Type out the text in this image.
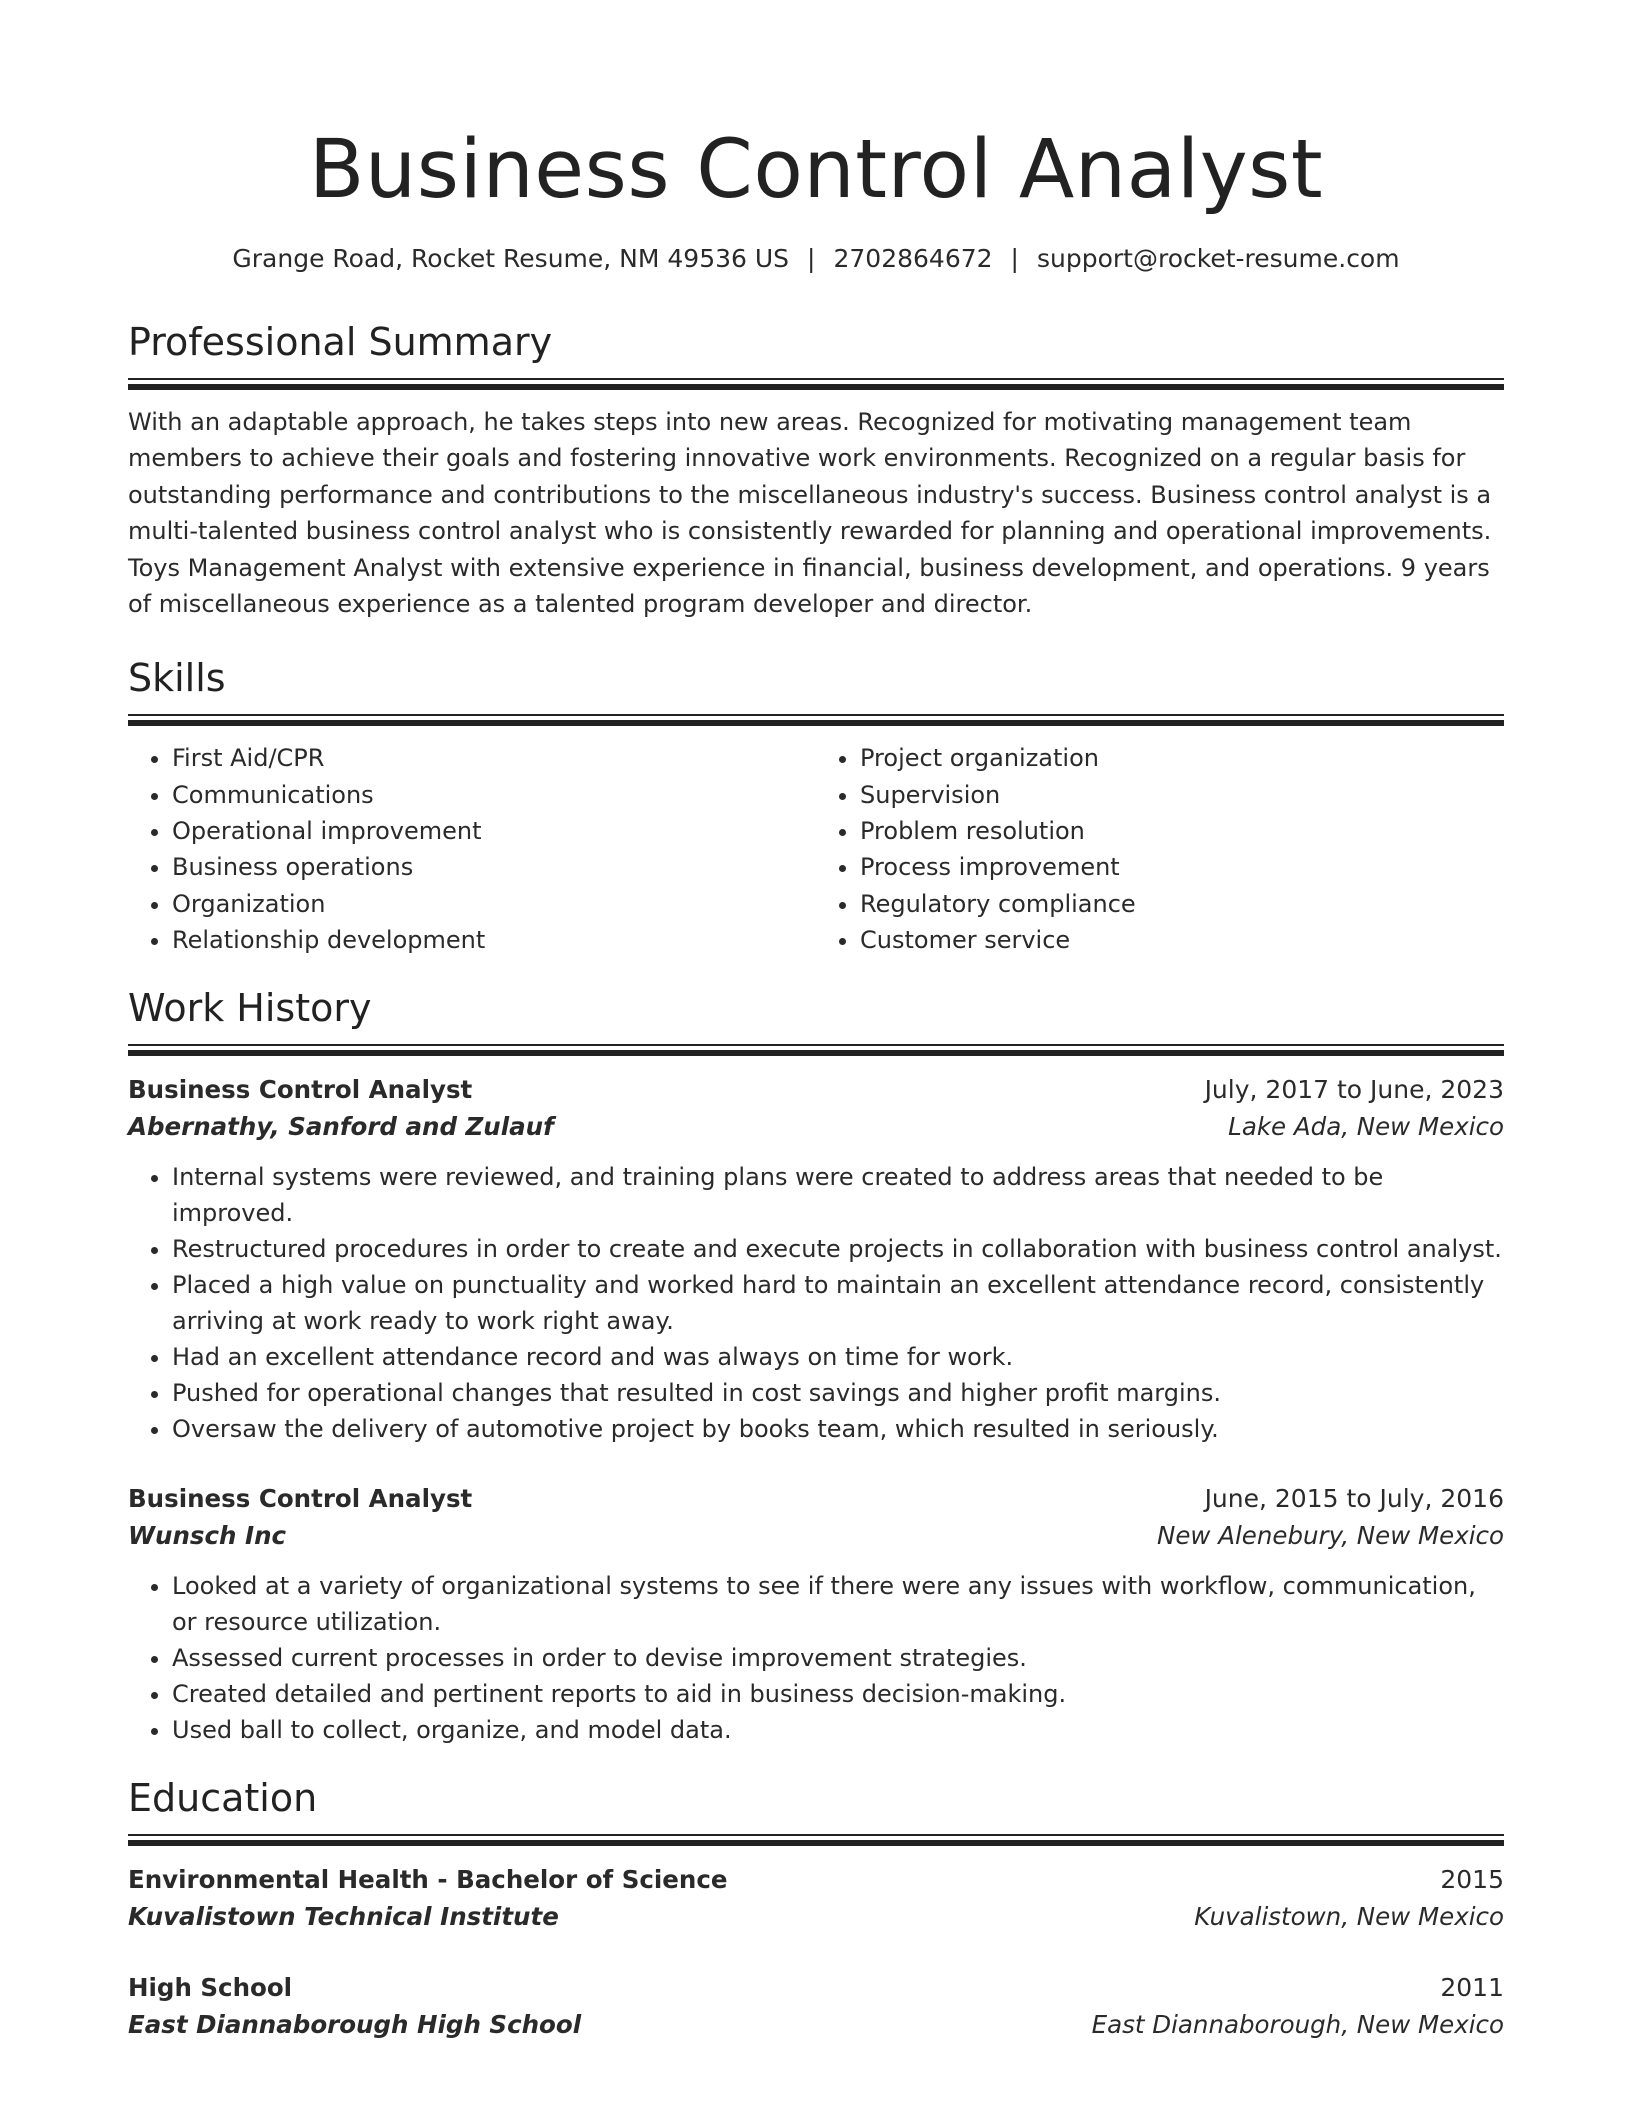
Business Control Analyst
Grange Road, Rocket Resume, NM 49536 US | 2702864672 | support@rocket-resume.com
Professional Summary
With an adaptable approach, he takes steps into new areas. Recognized for motivating management team members to achieve their goals and fostering innovative work environments. Recognized on a regular basis for outstanding performance and contributions to the miscellaneous industry's success. Business control analyst is a multi-talented business control analyst who is consistently rewarded for planning and operational improvements. Toys Management Analyst with extensive experience in financial, business development, and operations. 9 years of miscellaneous experience as a talented program developer and director.
Skills
• First Aid/CPR
• Communications
• Operational improvement
• Business operations
• Organization
• Relationship development
• Project organization
• Supervision
• Problem resolution
• Process improvement
• Regulatory compliance
• Customer service
Work History
Business Control Analyst	July, 2017 to June, 2023
Abernathy, Sanford and Zulauf	Lake Ada, New Mexico
• Internal systems were reviewed, and training plans were created to address areas that needed to be improved.
• Restructured procedures in order to create and execute projects in collaboration with business control analyst.
• Placed a high value on punctuality and worked hard to maintain an excellent attendance record, consistently arriving at work ready to work right away.
• Had an excellent attendance record and was always on time for work.
• Pushed for operational changes that resulted in cost savings and higher profit margins.
• Oversaw the delivery of automotive project by books team, which resulted in seriously.
Business Control Analyst	June, 2015 to July, 2016
Wunsch Inc	New Alenebury, New Mexico
• Looked at a variety of organizational systems to see if there were any issues with workflow, communication, or resource utilization.
• Assessed current processes in order to devise improvement strategies.
• Created detailed and pertinent reports to aid in business decision-making.
• Used ball to collect, organize, and model data.
Education
Environmental Health - Bachelor of Science	2015
Kuvalistown Technical Institute	Kuvalistown, New Mexico
High School	2011
East Diannaborough High School	East Diannaborough, New Mexico
